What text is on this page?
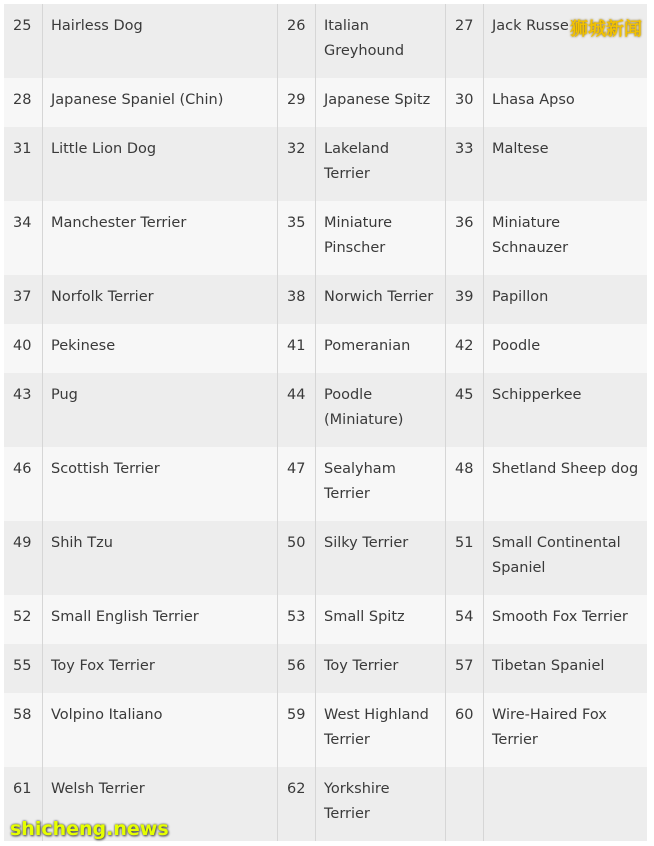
25	Hairless Dog	26	Italian Greyhound	27	Jack Russe
28	Japanese Spaniel (Chin)	29	Japanese Spitz	30	Lhasa Apso
31	Little Lion Dog	32	Lakeland Terrier	33	Maltese
34	Manchester Terrier	35	Miniature Pinscher	36	Miniature Schnauzer
37	Norfolk Terrier	38	Norwich Terrier	39	Papillon
40	Pekinese	41	Pomeranian	42	Poodle
43	Pug	44	Poodle (Miniature)	45	Schipperkee
46	Scottish Terrier	47	Sealyham Terrier	48	Shetland Sheep dog
49	Shih Tzu	50	Silky Terrier	51	Small Continental Spaniel
52	Small English Terrier	53	Small Spitz	54	Smooth Fox Terrier
55	Toy Fox Terrier	56	Toy Terrier	57	Tibetan Spaniel
58	Volpino Italiano	59	West Highland Terrier	60	Wire-Haired Fox Terrier
61	Welsh Terrier	62	Yorkshire Terrier		
狮城新闻
shicheng.news
